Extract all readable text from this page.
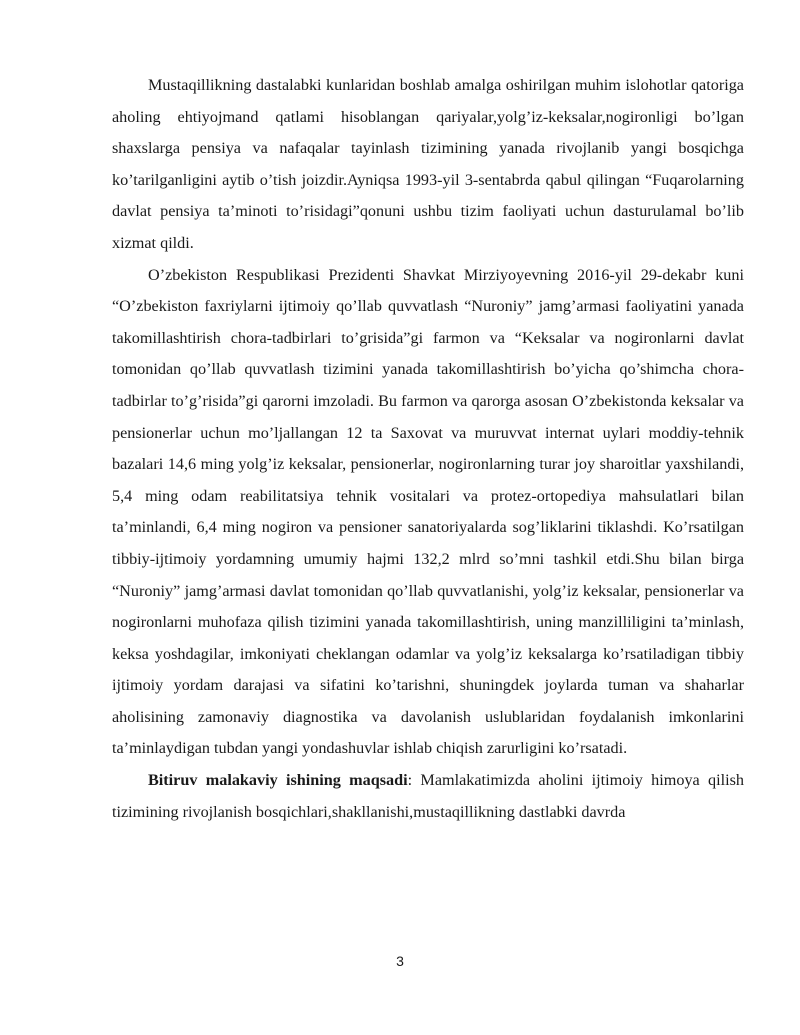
Mustaqillikning dastalabki kunlaridan boshlab amalga oshirilgan muhim islohotlar qatoriga aholing ehtiyojmand qatlami hisoblangan qariyalar,yolg’iz-keksalar,nogironligi bo’lgan shaxslarga pensiya va nafaqalar tayinlash tizimining yanada rivojlanib yangi bosqichga ko’tarilganligini aytib o’tish joizdir.Ayniqsa 1993-yil 3-sentabrda qabul qilingan “Fuqarolarning davlat pensiya ta’minoti to’risidagi”qonuni ushbu tizim faoliyati uchun dasturulamal bo’lib xizmat qildi.

O’zbekiston Respublikasi Prezidenti Shavkat Mirziyoyevning 2016-yil 29-dekabr kuni “O’zbekiston faxriylarni ijtimoiy qo’llab quvvatlash “Nuroniy” jamg’armasi faoliyatini yanada takomillashtirish chora-tadbirlari to’grisida”gi farmon va “Keksalar va nogironlarni davlat tomonidan qo’llab quvvatlash tizimini yanada takomillashtirish bo’yicha qo’shimcha chora-tadbirlar to’g’risida”gi qarorni imzoladi. Bu farmon va qarorga asosan O’zbekistonda keksalar va pensionerlar uchun mo’ljallangan 12 ta Saxovat va muruvvat internat uylari moddiy-tehnik bazalari 14,6 ming yolg’iz keksalar, pensionerlar, nogironlarning turar joy sharoitlar yaxshilandi, 5,4 ming odam reabilitatsiya tehnik vositalari va protez-ortopediya mahsulatlari bilan ta’minlandi, 6,4 ming nogiron va pensioner sanatoriyalarda sog’liklarini tiklashdi. Ko’rsatilgan tibbiy-ijtimoiy yordamning umumiy hajmi 132,2 mlrd so’mni tashkil etdi.Shu bilan birga “Nuroniy” jamg’armasi davlat tomonidan qo’llab quvvatlanishi, yolg’iz keksalar, pensionerlar va nogironlarni muhofaza qilish tizimini yanada takomillashtirish, uning manzilliligini ta’minlash, keksa yoshdagilar, imkoniyati cheklangan odamlar va yolg’iz keksalarga ko’rsatiladigan tibbiy ijtimoiy yordam darajasi va sifatini ko’tarishni, shuningdek joylarda tuman va shaharlar aholisining zamonaviy diagnostika va davolanish uslublaridan foydalanish imkonlarini ta’minlaydigan tubdan yangi yondashuvlar ishlab chiqish zarurligini ko’rsatadi.

Bitiruv malakaviy ishining maqsadi: Mamlakatimizda aholini ijtimoiy himoya qilish tizimining rivojlanish bosqichlari,shakllanishi,mustaqillikning dastlabki davrda

3
